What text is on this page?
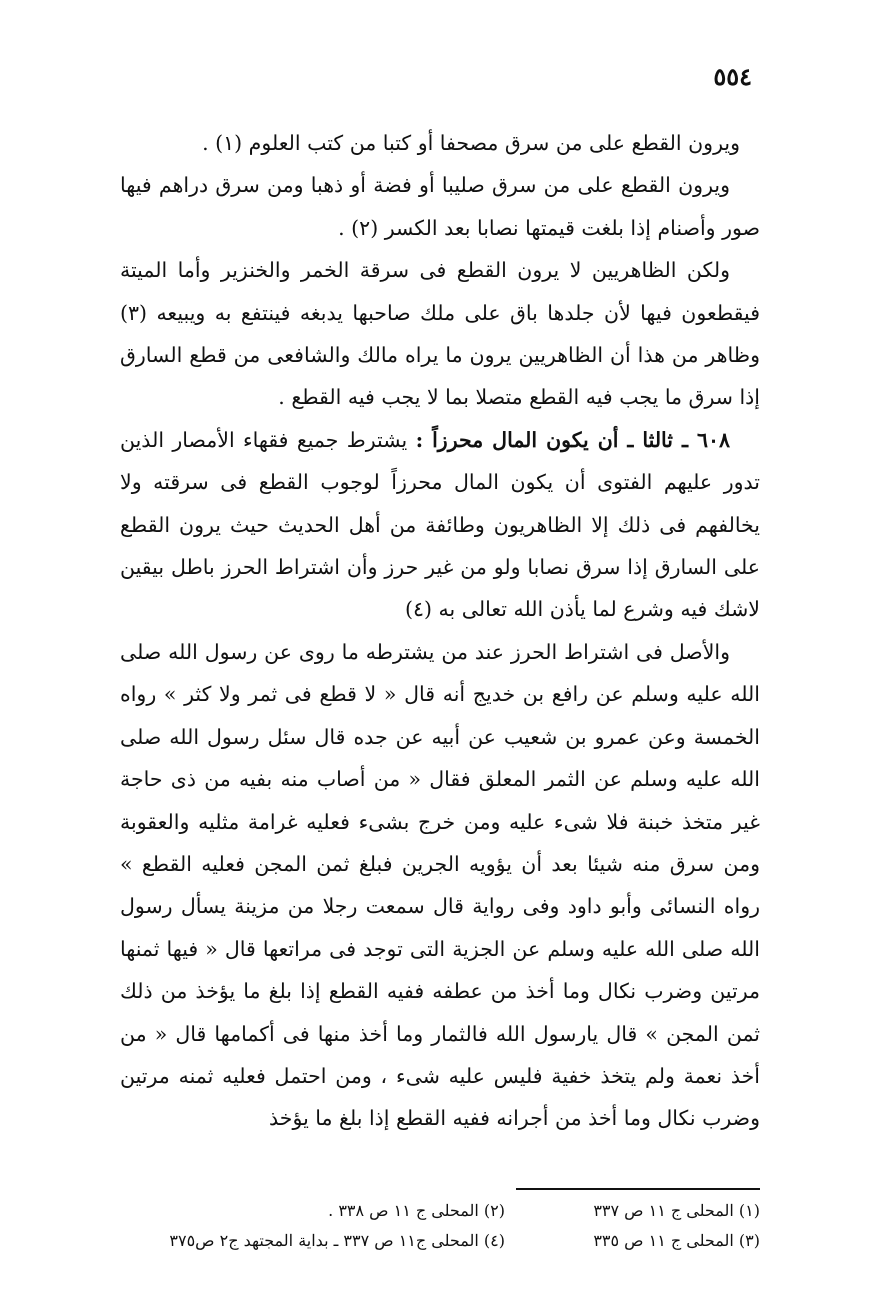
٥٥٤

ويرون القطع على من سرق مصحفا أو كتبا من كتب العلوم (١) .

ويرون القطع على من سرق صليبا أو فضة أو ذهبا ومن سرق دراهم فيها صور وأصنام إذا بلغت قيمتها نصابا بعد الكسر (٢) .

ولكن الظاهريين لا يرون القطع فى سرقة الخمر والخنزير وأما الميتة فيقطعون فيها لأن جلدها باق على ملك صاحبها يدبغه فينتفع به ويبيعه (٣) وظاهر من هذا أن الظاهريين يرون ما يراه مالك والشافعى من قطع السارق إذا سرق ما يجب فيه القطع متصلا بما لا يجب فيه القطع .

٦٠٨ ـ ثالثا ـ أن يكون المال محرزاً : يشترط جميع فقهاء الأمصار الذين تدور عليهم الفتوى أن يكون المال محرزاً لوجوب القطع فى سرقته ولا يخالفهم فى ذلك إلا الظاهريون وطائفة من أهل الحديث حيث يرون القطع على السارق إذا سرق نصابا ولو من غير حرز وأن اشتراط الحرز باطل بيقين لاشك فيه وشرع لما يأذن الله تعالى به (٤)

والأصل فى اشتراط الحرز عند من يشترطه ما روى عن رسول الله صلى الله عليه وسلم عن رافع بن خديج أنه قال « لا قطع فى ثمر ولا كثر » رواه الخمسة وعن عمرو بن شعيب عن أبيه عن جده قال سئل رسول الله صلى الله عليه وسلم عن الثمر المعلق فقال « من أصاب منه بفيه من ذى حاجة غير متخذ خبنة فلا شىء عليه ومن خرج بشىء فعليه غرامة مثليه والعقوبة ومن سرق منه شيئا بعد أن يؤويه الجرين فبلغ ثمن المجن فعليه القطع » رواه النسائى وأبو داود وفى رواية قال سمعت رجلا من مزينة يسأل رسول الله صلى الله عليه وسلم عن الجزية التى توجد فى مراتعها قال « فيها ثمنها مرتين وضرب نكال وما أخذ من عطفه ففيه القطع إذا بلغ ما يؤخذ من ذلك ثمن المجن » قال يارسول الله فالثمار وما أخذ منها فى أكمامها قال « من أخذ نعمة ولم يتخذ خفية فليس عليه شىء ، ومن احتمل فعليه ثمنه مرتين وضرب نكال وما أخذ من أجرانه ففيه القطع إذا بلغ ما يؤخذ

(١) المحلى ج ١١ ص ٣٣٧
(٢) المحلى ج ١١ ص ٣٣٨ .
(٣) المحلى ج ١١ ص ٣٣٥
(٤) المحلى ج١١ ص ٣٣٧ ـ بداية المجتهد ج٢ ص٣٧٥
